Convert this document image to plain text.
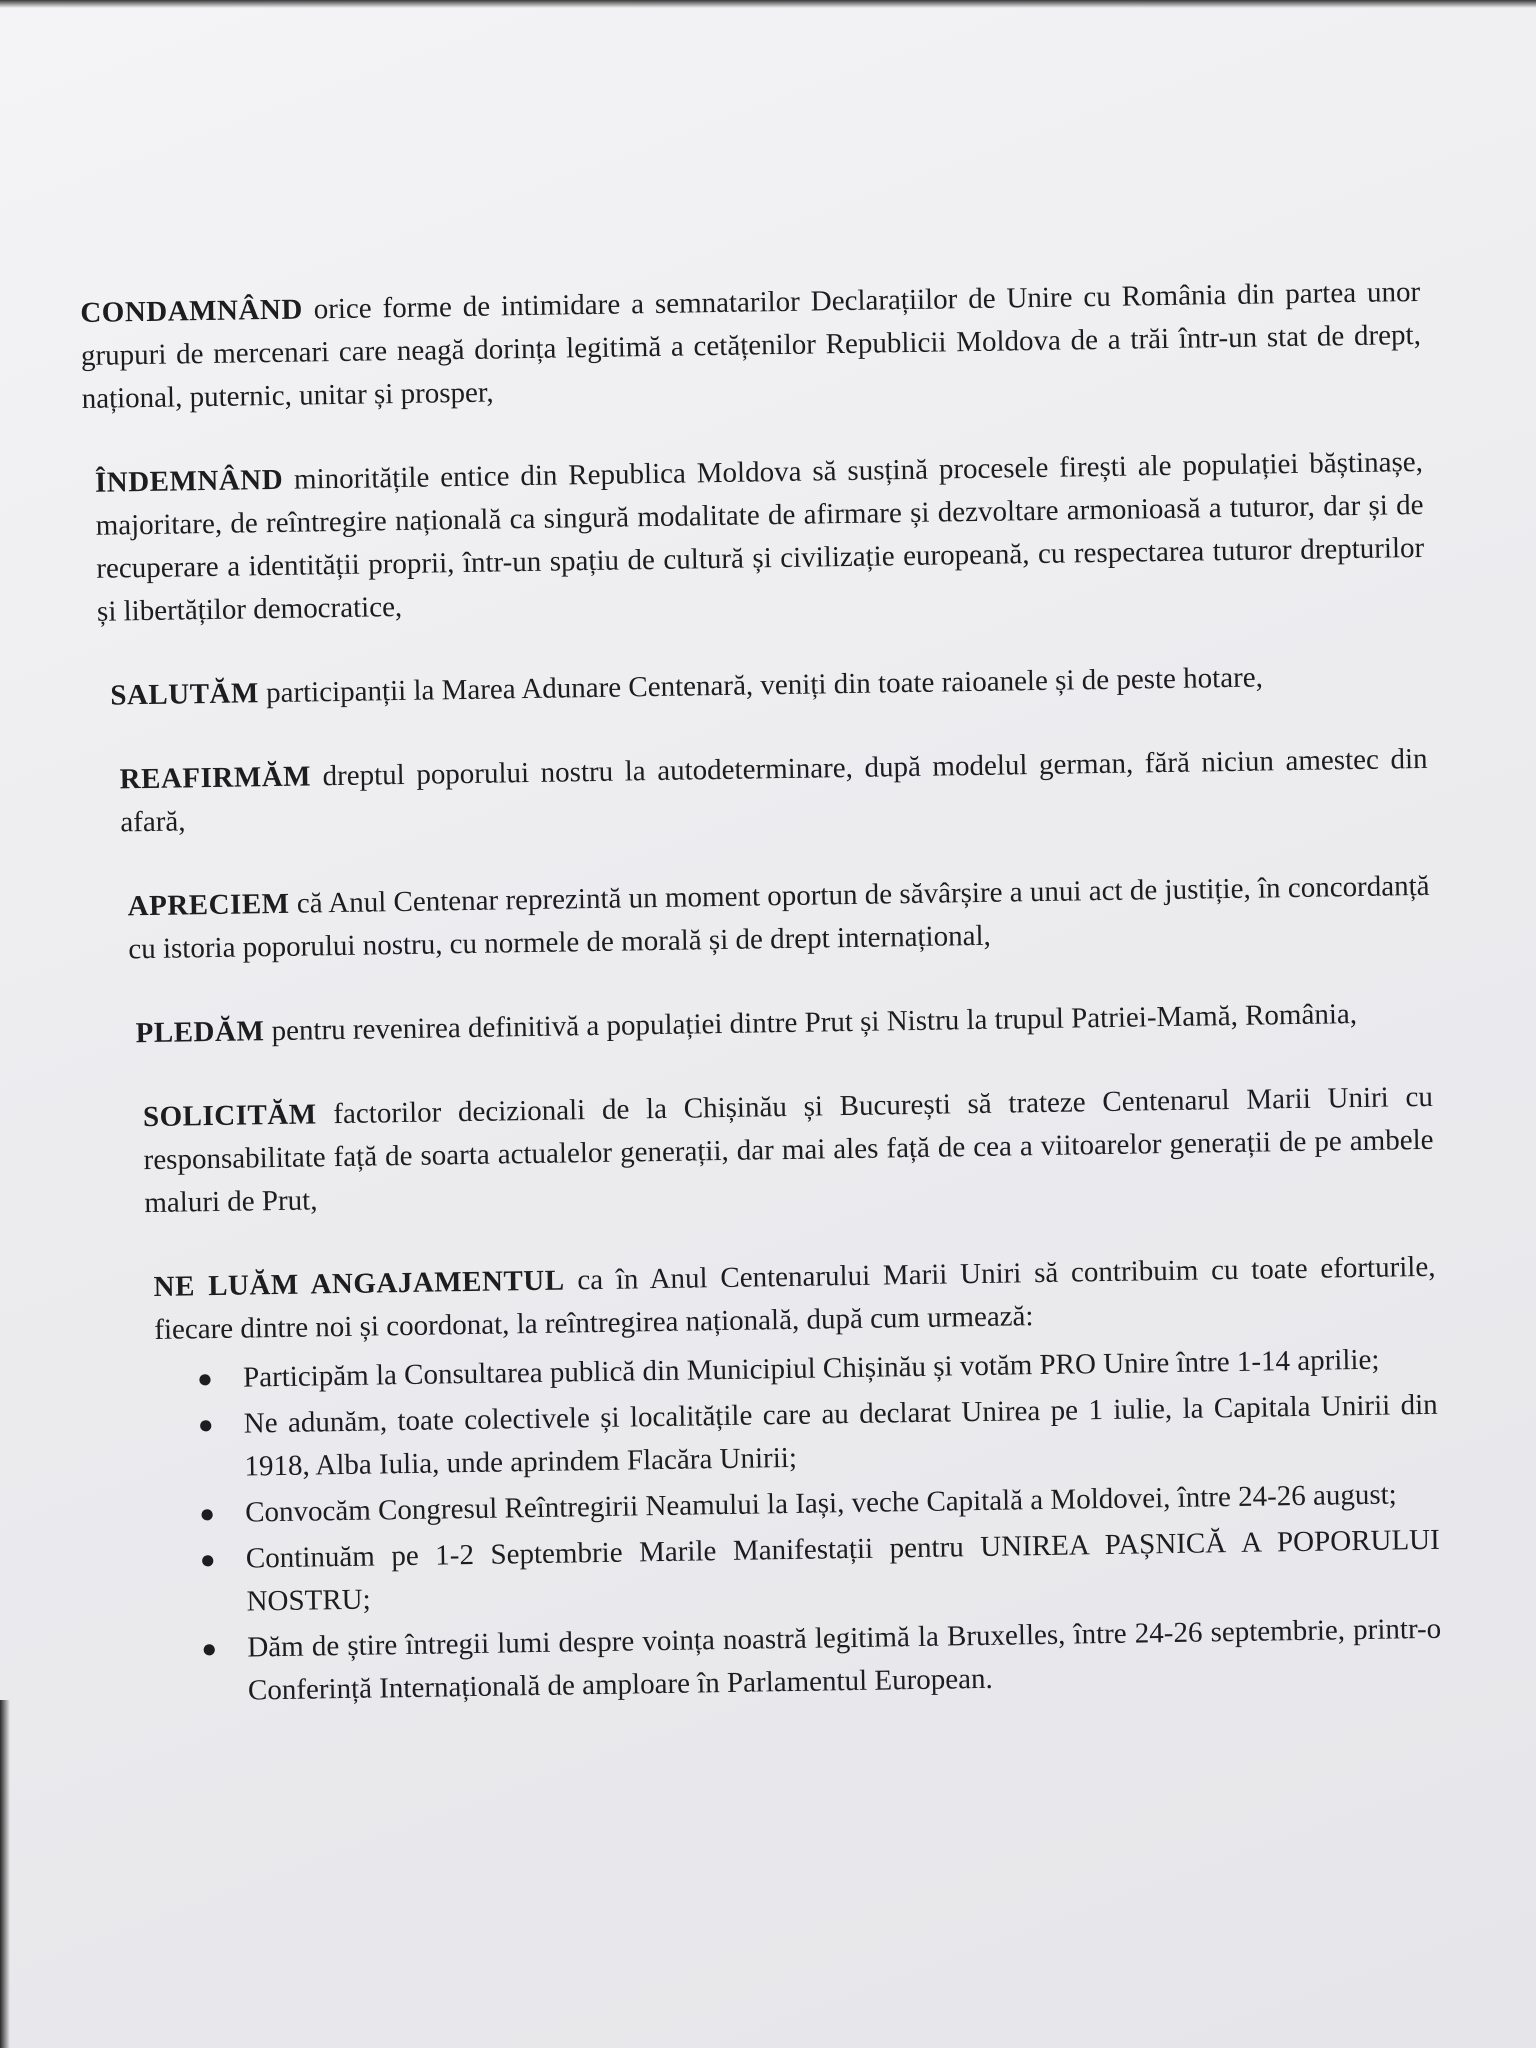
CONDAMNÂND orice forme de intimidare a semnatarilor Declarațiilor de Unire cu România din partea unor grupuri de mercenari care neagă dorința legitimă a cetățenilor Republicii Moldova de a trăi într-un stat de drept, național, puternic, unitar și prosper,

ÎNDEMNÂND minoritățile entice din Republica Moldova să susțină procesele firești ale populației băștinașe, majoritare, de reîntregire națională ca singură modalitate de afirmare și dezvoltare armonioasă a tuturor, dar și de recuperare a identității proprii, într-un spațiu de cultură și civilizație europeană, cu respectarea tuturor drepturilor și libertăților democratice,

SALUTĂM participanții la Marea Adunare Centenară, veniți din toate raioanele și de peste hotare,

REAFIRMĂM dreptul poporului nostru la autodeterminare, după modelul german, fără niciun amestec din afară,

APRECIEM că Anul Centenar reprezintă un moment oportun de săvârșire a unui act de justiție, în concordanță cu istoria poporului nostru, cu normele de morală și de drept internațional,

PLEDĂM pentru revenirea definitivă a populației dintre Prut și Nistru la trupul Patriei-Mamă, România,

SOLICITĂM factorilor decizionali de la Chișinău și București să trateze Centenarul Marii Uniri cu responsabilitate față de soarta actualelor generații, dar mai ales față de cea a viitoarelor generații de pe ambele maluri de Prut,

NE LUĂM ANGAJAMENTUL ca în Anul Centenarului Marii Uniri să contribuim cu toate eforturile, fiecare dintre noi și coordonat, la reîntregirea națională, după cum urmează:

● Participăm la Consultarea publică din Municipiul Chișinău și votăm PRO Unire între 1-14 aprilie;
● Ne adunăm, toate colectivele și localitățile care au declarat Unirea pe 1 iulie, la Capitala Unirii din 1918, Alba Iulia, unde aprindem Flacăra Unirii;
● Convocăm Congresul Reîntregirii Neamului la Iași, veche Capitală a Moldovei, între 24-26 august;
● Continuăm pe 1-2 Septembrie Marile Manifestații pentru UNIREA PAȘNICĂ A POPORULUI NOSTRU;
● Dăm de știre întregii lumi despre voința noastră legitimă la Bruxelles, între 24-26 septembrie, printr-o Conferință Internațională de amploare în Parlamentul European.
